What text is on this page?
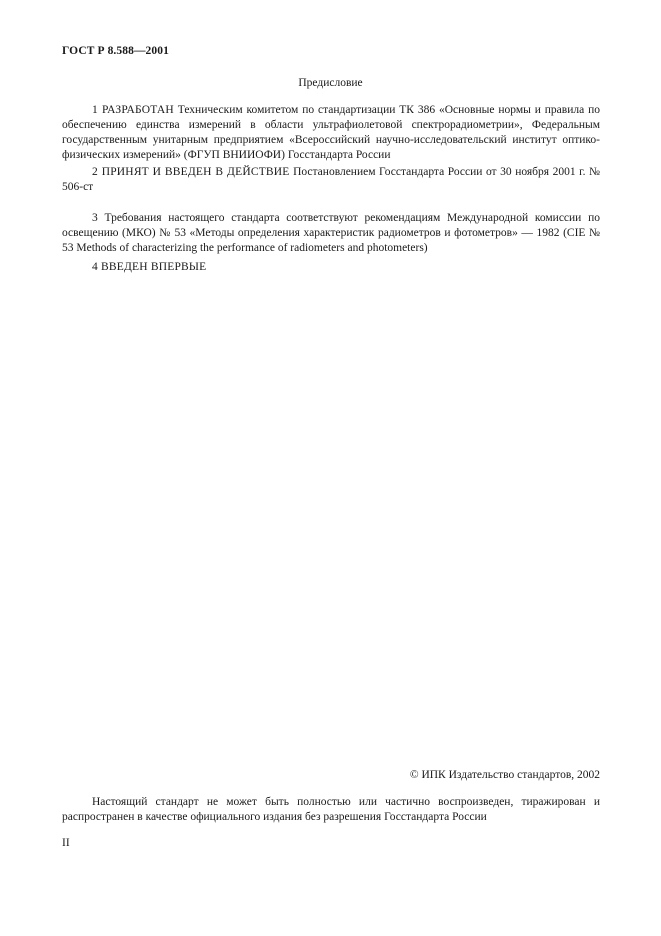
ГОСТ Р 8.588—2001
Предисловие

1 РАЗРАБОТАН Техническим комитетом по стандартизации ТК 386 «Основные нормы и правила по обеспечению единства измерений в области ультрафиолетовой спектрорадиометрии», Федеральным государственным унитарным предприятием «Всероссийский научно-исследовательский институт оптико-физических измерений» (ФГУП ВНИИОФИ) Госстандарта России

2 ПРИНЯТ И ВВЕДЕН В ДЕЙСТВИЕ Постановлением Госстандарта России от 30 ноября 2001 г. № 506-ст

3 Требования настоящего стандарта соответствуют рекомендациям Международной комиссии по освещению (МКО) № 53 «Методы определения характеристик радиометров и фотометров» — 1982 (CIE № 53 Methods of characterizing the performance of radiometers and photometers)

4 ВВЕДЕН ВПЕРВЫЕ

© ИПК Издательство стандартов, 2002

Настоящий стандарт не может быть полностью или частично воспроизведен, тиражирован и распространен в качестве официального издания без разрешения Госстандарта России

II
